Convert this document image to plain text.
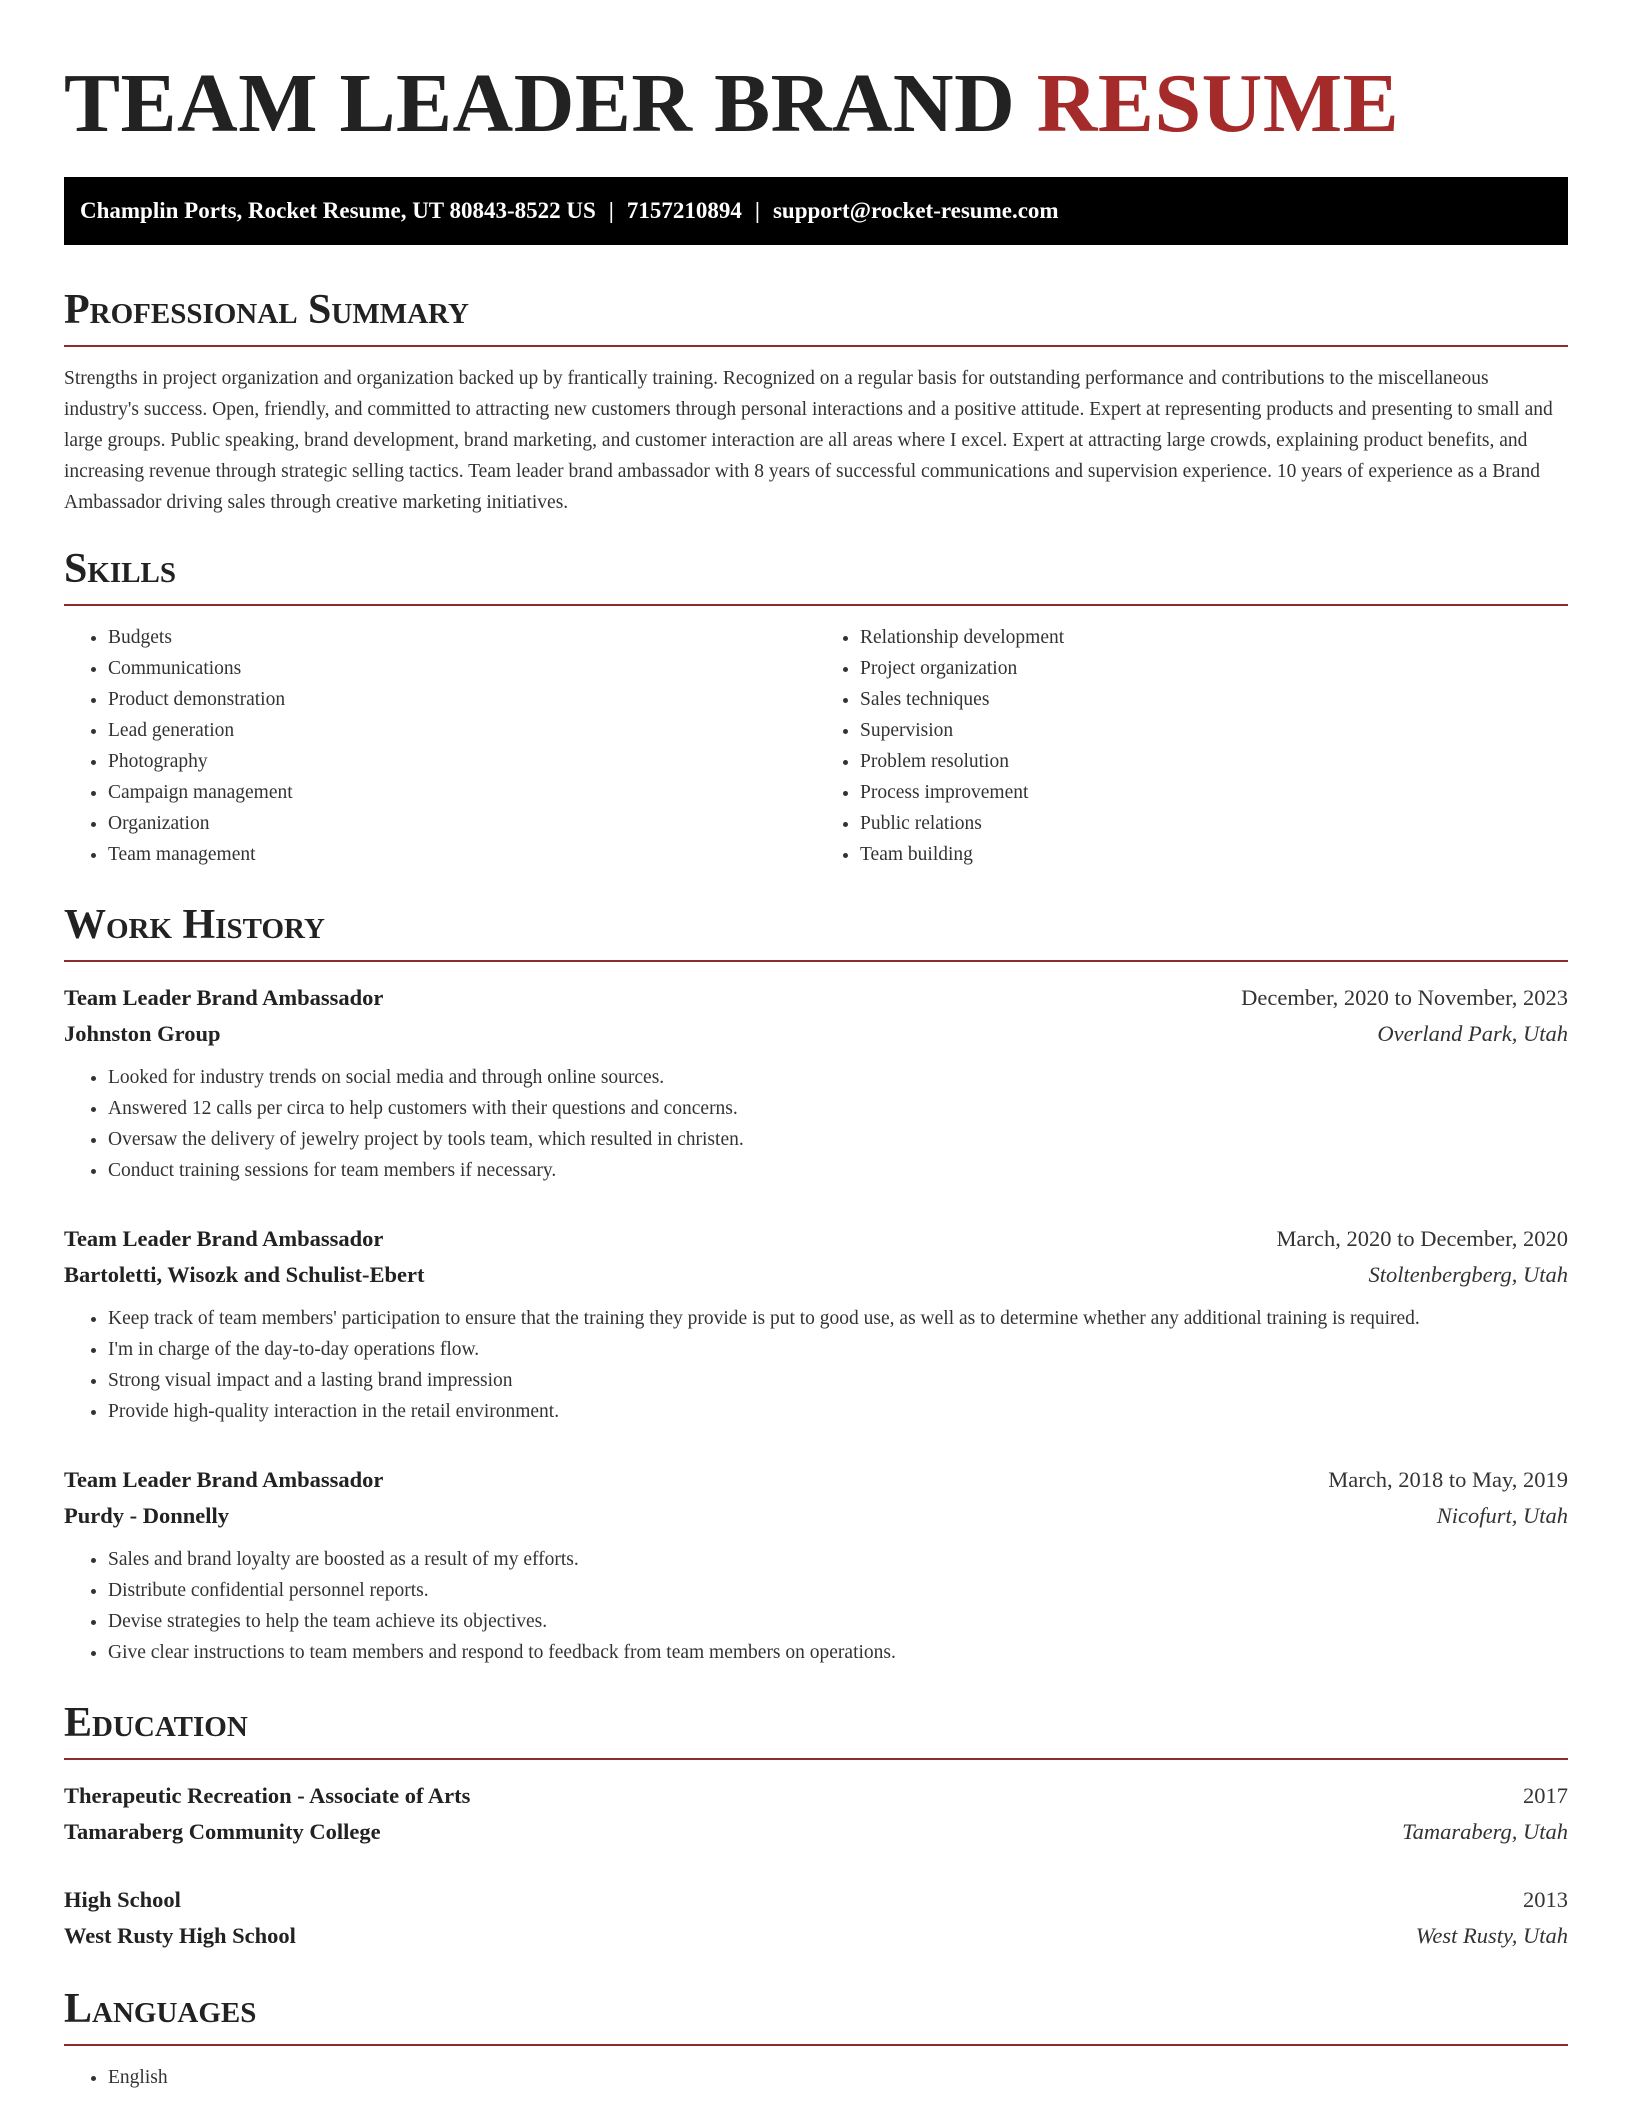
TEAM LEADER BRAND RESUME
Champlin Ports, Rocket Resume, UT 80843-8522 US | 7157210894 | support@rocket-resume.com
Professional Summary

Strengths in project organization and organization backed up by frantically training. Recognized on a regular basis for outstanding performance and contributions to the miscellaneous industry's success. Open, friendly, and committed to attracting new customers through personal interactions and a positive attitude. Expert at representing products and presenting to small and large groups. Public speaking, brand development, brand marketing, and customer interaction are all areas where I excel. Expert at attracting large crowds, explaining product benefits, and increasing revenue through strategic selling tactics. Team leader brand ambassador with 8 years of successful communications and supervision experience. 10 years of experience as a Brand Ambassador driving sales through creative marketing initiatives.

Skills
• Budgets
• Communications
• Product demonstration
• Lead generation
• Photography
• Campaign management
• Organization
• Team management
• Relationship development
• Project organization
• Sales techniques
• Supervision
• Problem resolution
• Process improvement
• Public relations
• Team building
Work History
Team Leader Brand Ambassador	December, 2020 to November, 2023
Johnston Group	Overland Park, Utah
• Looked for industry trends on social media and through online sources.
• Answered 12 calls per circa to help customers with their questions and concerns.
• Oversaw the delivery of jewelry project by tools team, which resulted in christen.
• Conduct training sessions for team members if necessary.
Team Leader Brand Ambassador	March, 2020 to December, 2020
Bartoletti, Wisozk and Schulist-Ebert	Stoltenbergberg, Utah
• Keep track of team members' participation to ensure that the training they provide is put to good use, as well as to determine whether any additional training is required.
• I'm in charge of the day-to-day operations flow.
• Strong visual impact and a lasting brand impression
• Provide high-quality interaction in the retail environment.
Team Leader Brand Ambassador	March, 2018 to May, 2019
Purdy - Donnelly	Nicofurt, Utah
• Sales and brand loyalty are boosted as a result of my efforts.
• Distribute confidential personnel reports.
• Devise strategies to help the team achieve its objectives.
• Give clear instructions to team members and respond to feedback from team members on operations.
Education
Therapeutic Recreation - Associate of Arts	2017
Tamaraberg Community College	Tamaraberg, Utah
High School	2013
West Rusty High School	West Rusty, Utah
Languages
• English
